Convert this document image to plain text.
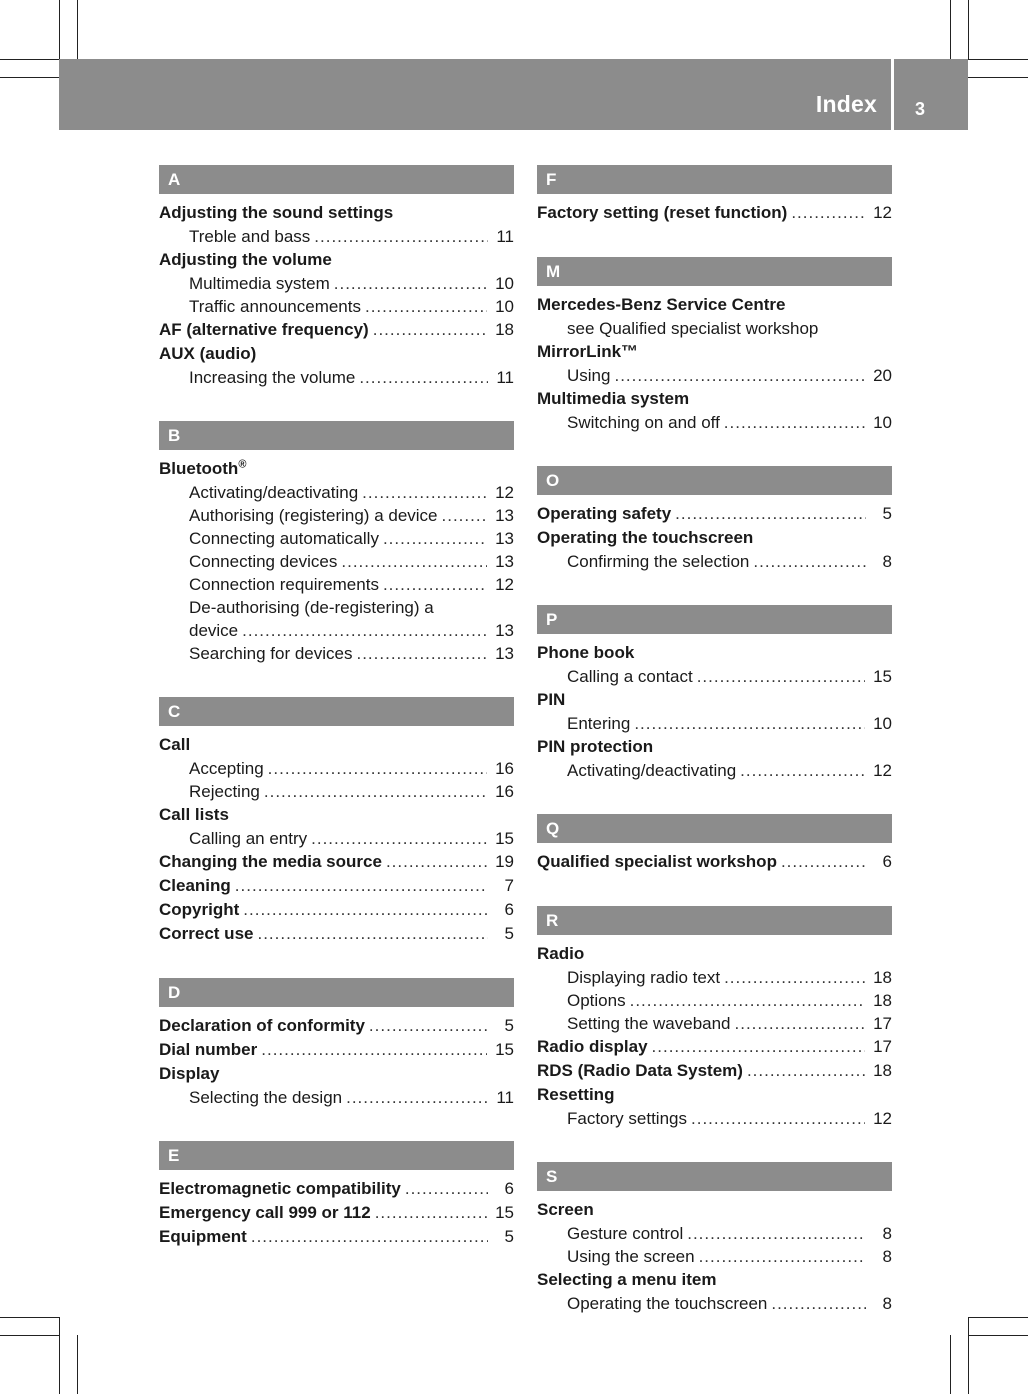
Index 3
A
Adjusting the sound settings
Treble and bass .....	11
Adjusting the volume
Multimedia system .....	10
Traffic announcements .....	10
AF (alternative frequency) .....	18
AUX (audio)
Increasing the volume .....	11
B
Bluetooth®
Activating/deactivating .....	12
Authorising (registering) a device .....	13
Connecting automatically .....	13
Connecting devices .....	13
Connection requirements .....	12
De-authorising (de-registering) a
device .....	13
Searching for devices .....	13
C
Call
Accepting .....	16
Rejecting .....	16
Call lists
Calling an entry .....	15
Changing the media source .....	19
Cleaning .....	7
Copyright .....	6
Correct use .....	5
D
Declaration of conformity .....	5
Dial number .....	15
Display
Selecting the design .....	11
E
Electromagnetic compatibility .....	6
Emergency call 999 or 112 .....	15
Equipment .....	5
F
Factory setting (reset function) .....	12
M
Mercedes-Benz Service Centre
see Qualified specialist workshop
MirrorLink™
Using .....	20
Multimedia system
Switching on and off .....	10
O
Operating safety .....	5
Operating the touchscreen
Confirming the selection .....	8
P
Phone book
Calling a contact .....	15
PIN
Entering .....	10
PIN protection
Activating/deactivating .....	12
Q
Qualified specialist workshop .....	6
R
Radio
Displaying radio text .....	18
Options .....	18
Setting the waveband .....	17
Radio display .....	17
RDS (Radio Data System) .....	18
Resetting
Factory settings .....	12
S
Screen
Gesture control .....	8
Using the screen .....	8
Selecting a menu item
Operating the touchscreen .....	8
